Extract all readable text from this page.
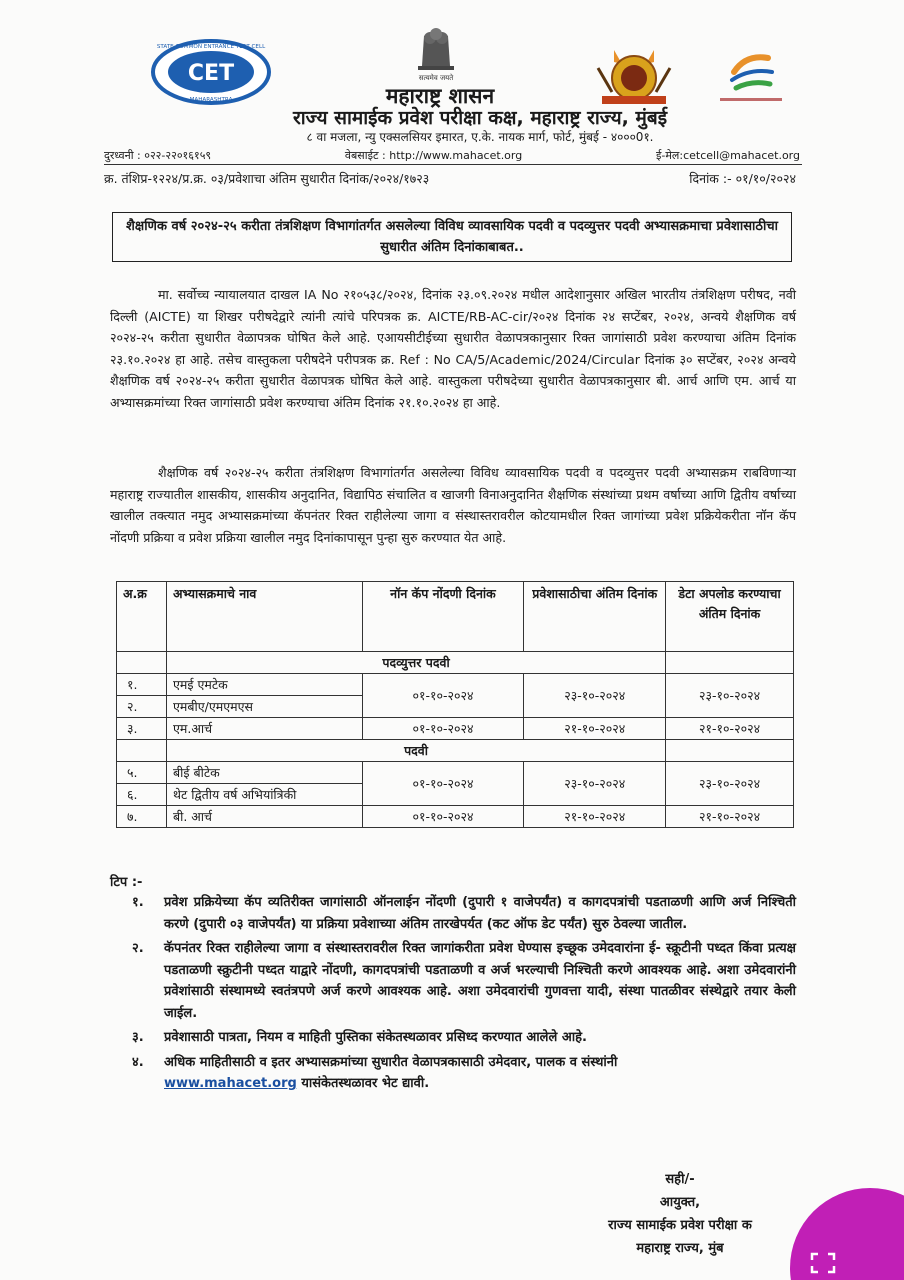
CET
STATE COMMON ENTRANCE TEST CELL
MAHARASHTRA
सत्यमेव जयते
महाराष्ट्र शासन
राज्य सामाईक प्रवेश परीक्षा कक्ष, महाराष्ट्र राज्य, मुंबई
८ वा मजला, न्यु एक्सलसियर इमारत, ए.के. नायक मार्ग, फोर्ट, मुंबई - ४०००0१.
दुरध्वनी : ०२२-२२०१६१५९	वेबसाईट : http://www.mahacet.org	ई-मेल:cetcell@mahacet.org
क्र. तंशिप्र-१२२४/प्र.क्र. ०३/प्रवेशाचा अंतिम सुधारीत दिनांक/२०२४/१७२३	दिनांक :- ०१/१०/२०२४
शैक्षणिक वर्ष २०२४-२५ करीता तंत्रशिक्षण विभागांतर्गत असलेल्या विविध व्यावसायिक पदवी व पदव्युत्तर पदवी अभ्यासक्रमाचा प्रवेशासाठीचा सुधारीत अंतिम दिनांकाबाबत..

मा. सर्वोच्च न्यायालयात दाखल IA No २१०५३८/२०२४, दिनांक २३.०९.२०२४ मधील आदेशानुसार अखिल भारतीय तंत्रशिक्षण परीषद, नवी दिल्ली (AICTE) या शिखर परीषदेद्वारे त्यांनी त्यांचे परिपत्रक क्र. AICTE/RB-AC-cir/२०२४ दिनांक २४ सप्टेंबर, २०२४, अन्वये शैक्षणिक वर्ष २०२४-२५ करीता सुधारीत वेळापत्रक घोषित केले आहे. एआयसीटीईच्या सुधारीत वेळापत्रकानुसार रिक्त जागांसाठी प्रवेश करण्याचा अंतिम दिनांक २३.१०.२०२४ हा आहे. तसेच वास्तुकला परीषदेने परीपत्रक क्र. Ref : No CA/5/Academic/2024/Circular दिनांक ३० सप्टेंबर, २०२४ अन्वये शैक्षणिक वर्ष २०२४-२५ करीता सुधारीत वेळापत्रक घोषित केले आहे. वास्तुकला परीषदेच्या सुधारीत वेळापत्रकानुसार बी. आर्च आणि एम. आर्च या अभ्यासक्रमांच्या रिक्त जागांसाठी प्रवेश करण्याचा अंतिम दिनांक २१.१०.२०२४ हा आहे.

शैक्षणिक वर्ष २०२४-२५ करीता तंत्रशिक्षण विभागांतर्गत असलेल्या विविध व्यावसायिक पदवी व पदव्युत्तर पदवी अभ्यासक्रम राबविणाऱ्या महाराष्ट्र राज्यातील शासकीय, शासकीय अनुदानित, विद्यापिठ संचालित व खाजगी विनाअनुदानित शैक्षणिक संस्थांच्या प्रथम वर्षाच्या आणि द्वितीय वर्षाच्या खालील तक्त्यात नमुद अभ्यासक्रमांच्या कॅपनंतर रिक्त राहीलेल्या जागा व संस्थास्तरावरील कोटयामधील रिक्त जागांच्या प्रवेश प्रक्रियेकरीता नॉन कॅप नोंदणी प्रक्रिया व प्रवेश प्रक्रिया खालील नमुद दिनांकापासून पुन्हा सुरु करण्यात येत आहे.

अ.क्र	अभ्यासक्रमाचे नाव	नॉन कॅप नोंदणी दिनांक	प्रवेशासाठीचा अंतिम दिनांक	डेटा अपलोड करण्याचा अंतिम दिनांक
	पदव्युत्तर पदवी			
१.	एमई एमटेक	०१-१०-२०२४	२३-१०-२०२४	२३-१०-२०२४
२.	एमबीए/एमएमएस			
३.	एम.आर्च	०१-१०-२०२४	२१-१०-२०२४	२१-१०-२०२४
	पदवी			
५.	बीई बीटेक	०१-१०-२०२४	२३-१०-२०२४	२३-१०-२०२४
६.	थेट द्वितीय वर्ष अभियांत्रिकी			
७.	बी. आर्च	०१-१०-२०२४	२१-१०-२०२४	२१-१०-२०२४
टिप :-
१.	प्रवेश प्रक्रियेच्या कॅप व्यतिरीक्त जागांसाठी ऑनलाईन नोंदणी (दुपारी १ वाजेपर्यंत) व कागदपत्रांची पडताळणी आणि अर्ज निश्चिती करणे (दुपारी ०३ वाजेपर्यंत) या प्रक्रिया प्रवेशाच्या अंतिम तारखेपर्यत (कट ऑफ डेट पर्यंत) सुरु ठेवल्या जातील.
२.	कॅपनंतर रिक्त राहीलेल्या जागा व संस्थास्तरावरील रिक्त जागांकरीता प्रवेश घेण्यास इच्छूक उमेदवारांना ई- स्क्रूटीनी पध्दत किंवा प्रत्यक्ष पडताळणी स्क्रुटीनी पध्दत याद्वारे नोंदणी, कागदपत्रांची पडताळणी व अर्ज भरल्याची निश्चिती करणे आवश्यक आहे. अशा उमेदवारांनी प्रवेशांसाठी संस्थामध्ये स्वतंत्रपणे अर्ज करणे आवश्यक आहे. अशा उमेदवारांची गुणवत्ता यादी, संस्था पातळीवर संस्थेद्वारे तयार केली जाईल.
३.	प्रवेशासाठी पात्रता, नियम व माहिती पुस्तिका संकेतस्थळावर प्रसिध्द करण्यात आलेले आहे.
४.	अधिक माहितीसाठी व इतर अभ्यासक्रमांच्या सुधारीत वेळापत्रकासाठी उमेदवार, पालक व संस्थांनी
www.mahacet.org यासंकेतस्थळावर भेट द्यावी.
सही/-
आयुक्त,
राज्य सामाईक प्रवेश परीक्षा क
महाराष्ट्र राज्य, मुंब
